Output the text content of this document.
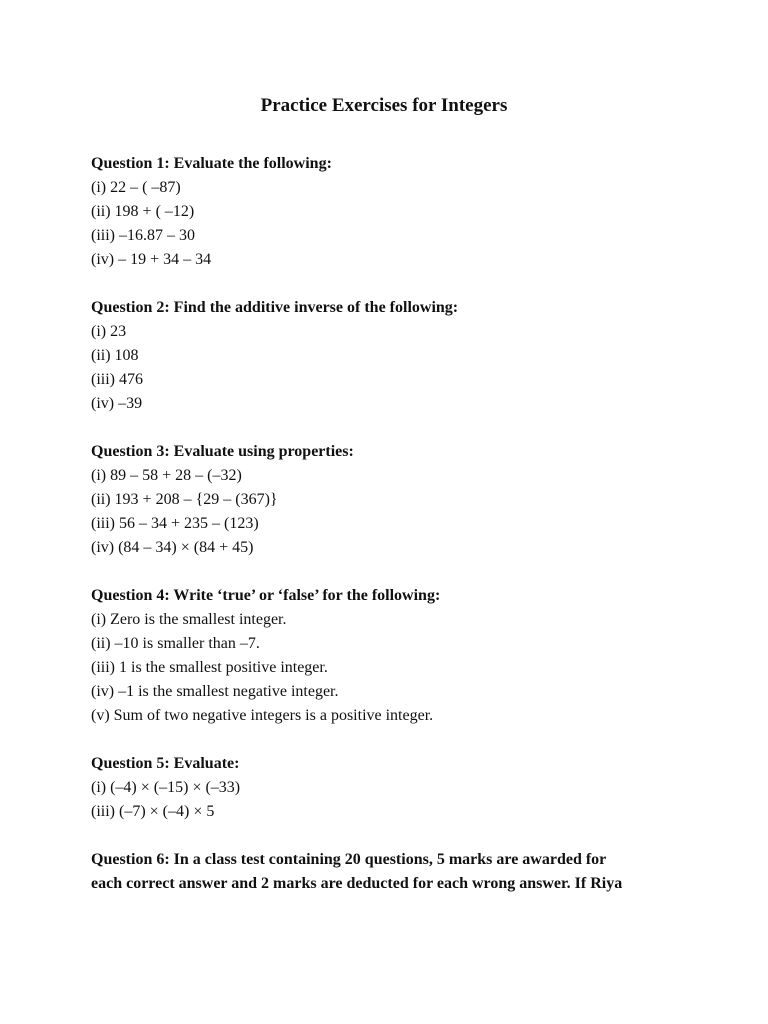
Practice Exercises for Integers
Question 1: Evaluate the following:
(i) 22 – ( –87)
(ii) 198 + ( –12)
(iii) –16.87 – 30
(iv) – 19 + 34 – 34
Question 2: Find the additive inverse of the following:
(i) 23
(ii) 108
(iii) 476
(iv) –39
Question 3: Evaluate using properties:
(i) 89 – 58 + 28 – (–32)
(ii) 193 + 208 – {29 – (367)}
(iii) 56 – 34 + 235 – (123)
(iv) (84 – 34) × (84 + 45)
Question 4: Write ‘true’ or ‘false’ for the following:
(i) Zero is the smallest integer.
(ii) –10 is smaller than –7.
(iii) 1 is the smallest positive integer.
(iv) –1 is the smallest negative integer.
(v) Sum of two negative integers is a positive integer.
Question 5: Evaluate:
(i) (–4) × (–15) × (–33)
(iii) (–7) × (–4) × 5
Question 6: In a class test containing 20 questions, 5 marks are awarded for
each correct answer and 2 marks are deducted for each wrong answer. If Riya
